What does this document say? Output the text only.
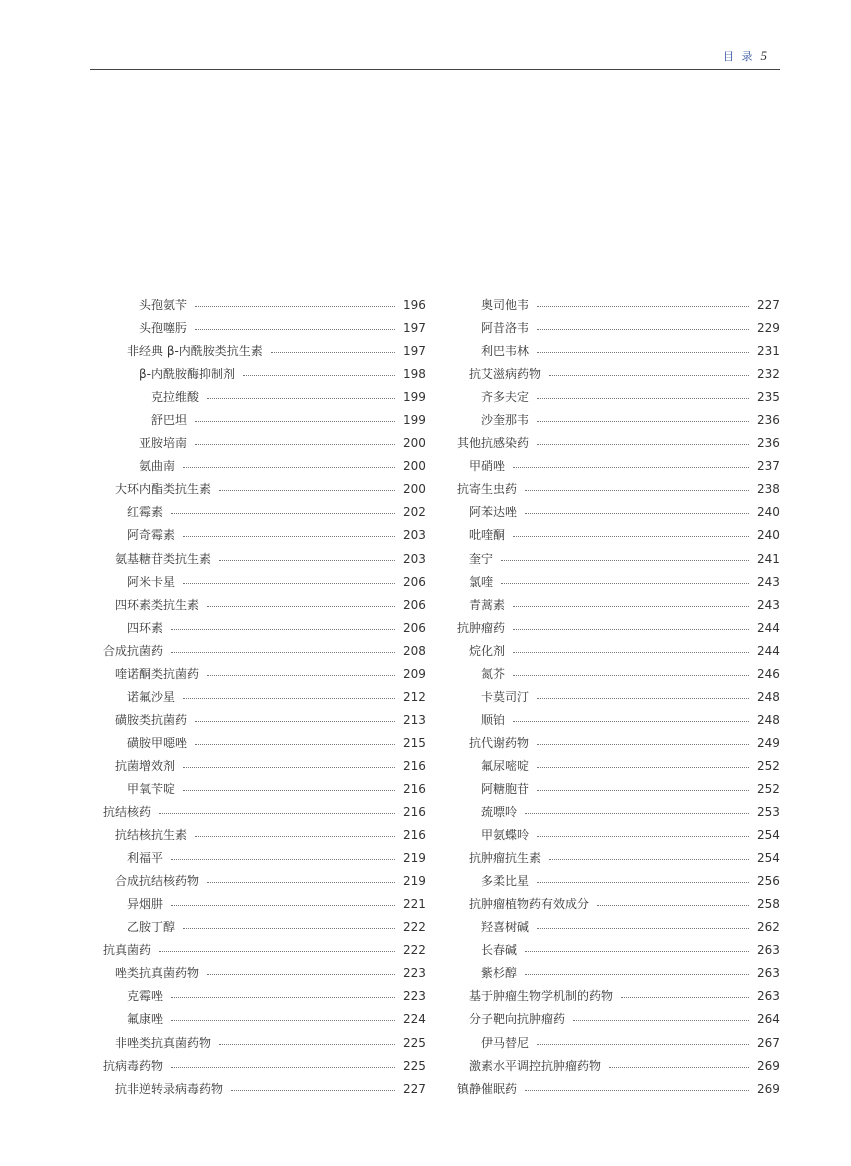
目 录 5
头孢氨苄	196
头孢噻肟	197
非经典 β-内酰胺类抗生素	197
β-内酰胺酶抑制剂	198
克拉维酸	199
舒巴坦	199
亚胺培南	200
氨曲南	200
大环内酯类抗生素	200
红霉素	202
阿奇霉素	203
氨基糖苷类抗生素	203
阿米卡星	206
四环素类抗生素	206
四环素	206
合成抗菌药	208
喹诺酮类抗菌药	209
诺氟沙星	212
磺胺类抗菌药	213
磺胺甲噁唑	215
抗菌增效剂	216
甲氧苄啶	216
抗结核药	216
抗结核抗生素	216
利福平	219
合成抗结核药物	219
异烟肼	221
乙胺丁醇	222
抗真菌药	222
唑类抗真菌药物	223
克霉唑	223
氟康唑	224
非唑类抗真菌药物	225
抗病毒药物	225
抗非逆转录病毒药物	227
奥司他韦	227
阿昔洛韦	229
利巴韦林	231
抗艾滋病药物	232
齐多夫定	235
沙奎那韦	236
其他抗感染药	236
甲硝唑	237
抗寄生虫药	238
阿苯达唑	240
吡喹酮	240
奎宁	241
氯喹	243
青蒿素	243
抗肿瘤药	244
烷化剂	244
氮芥	246
卡莫司汀	248
顺铂	248
抗代谢药物	249
氟尿嘧啶	252
阿糖胞苷	252
巯嘌呤	253
甲氨蝶呤	254
抗肿瘤抗生素	254
多柔比星	256
抗肿瘤植物药有效成分	258
羟喜树碱	262
长春碱	263
紫杉醇	263
基于肿瘤生物学机制的药物	263
分子靶向抗肿瘤药	264
伊马替尼	267
激素水平调控抗肿瘤药物	269
镇静催眠药	269
